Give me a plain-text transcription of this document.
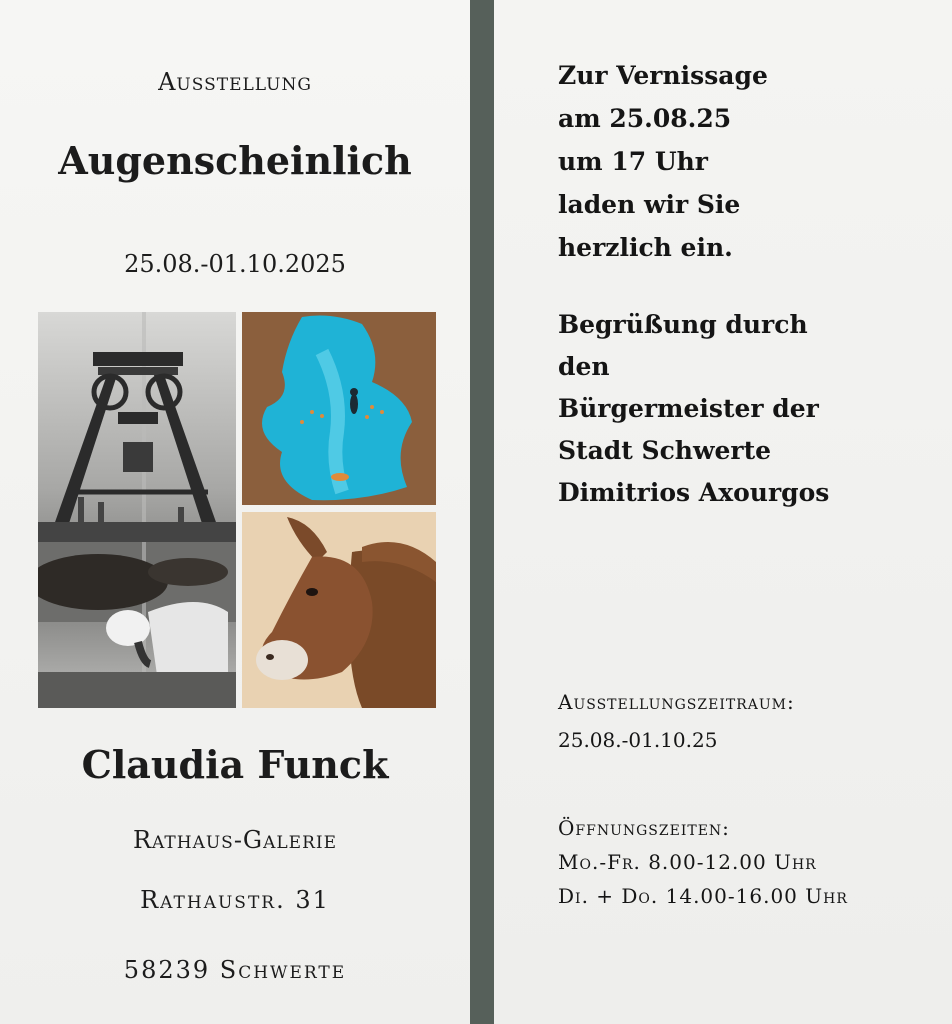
Ausstellung
Augenscheinlich
25.08.-01.10.2025
Claudia Funck
Rathaus-Galerie
Rathaustr. 31
58239 Schwerte
Zur Vernissage
am 25.08.25
um 17 Uhr
laden wir Sie
herzlich ein.
Begrüßung durch
den
Bürgermeister der
Stadt Schwerte
Dimitrios Axourgos
Ausstellungszeitraum:
25.08.-01.10.25
Öffnungszeiten:
Mo.-Fr. 8.00-12.00 Uhr
Di. + Do. 14.00-16.00 Uhr
